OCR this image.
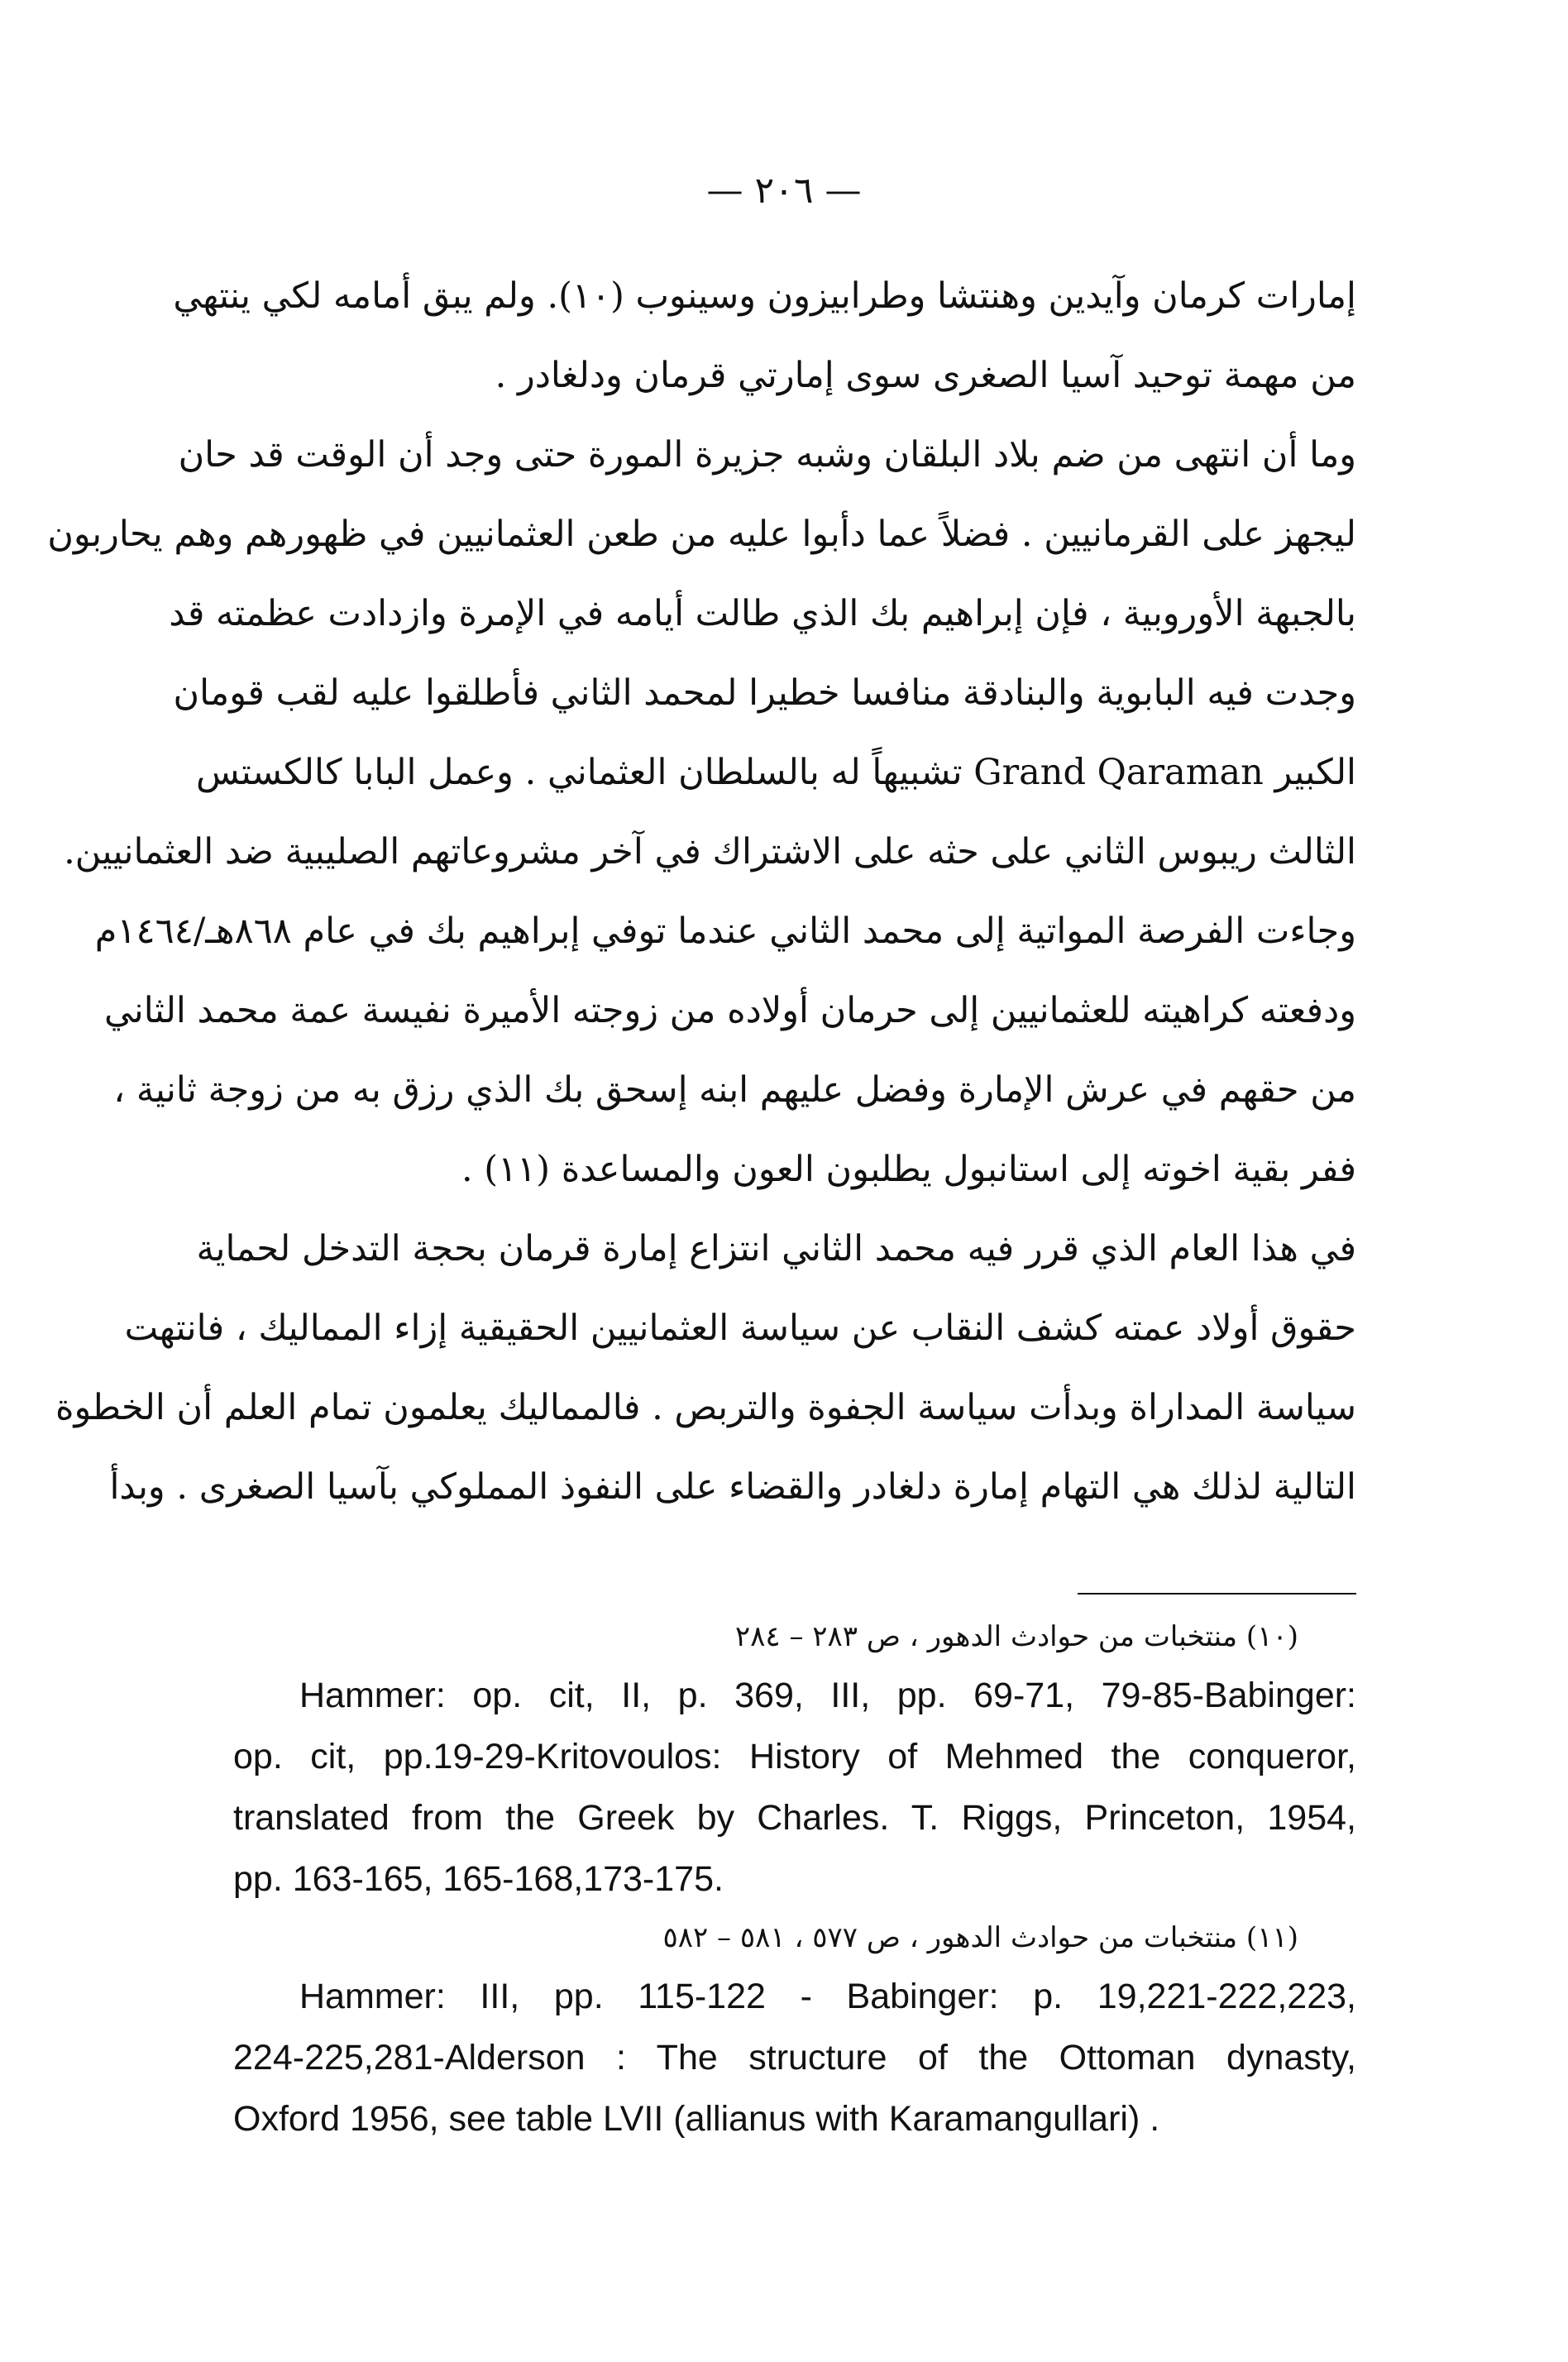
— ٢٠٦ —
إمارات كرمان وآيدين وهنتشا وطرابيزون وسينوب (١٠). ولم يبق أمامه لكي ينتهي
من مهمة توحيد آسيا الصغرى سوى إمارتي قرمان ودلغادر .
وما أن انتهى من ضم بلاد البلقان وشبه جزيرة المورة حتى وجد أن الوقت قد حان
ليجهز على القرمانيين . فضلاً عما دأبوا عليه من طعن العثمانيين في ظهورهم وهم يحاربون
بالجبهة الأوروبية ، فإن إبراهيم بك الذي طالت أيامه في الإمرة وازدادت عظمته قد
وجدت فيه البابوية والبنادقة منافسا خطيرا لمحمد الثاني فأطلقوا عليه لقب قومان
الكبير Grand Qaraman تشبيهاً له بالسلطان العثماني . وعمل البابا كالكستس
الثالث ريبوس الثاني على حثه على الاشتراك في آخر مشروعاتهم الصليبية ضد العثمانيين.
وجاءت الفرصة المواتية إلى محمد الثاني عندما توفي إبراهيم بك في عام ٨٦٨هـ/١٤٦٤م
ودفعته كراهيته للعثمانيين إلى حرمان أولاده من زوجته الأميرة نفيسة عمة محمد الثاني
من حقهم في عرش الإمارة وفضل عليهم ابنه إسحق بك الذي رزق به من زوجة ثانية ،
ففر بقية اخوته إلى استانبول يطلبون العون والمساعدة (١١) .
في هذا العام الذي قرر فيه محمد الثاني انتزاع إمارة قرمان بحجة التدخل لحماية
حقوق أولاد عمته كشف النقاب عن سياسة العثمانيين الحقيقية إزاء المماليك ، فانتهت
سياسة المداراة وبدأت سياسة الجفوة والتربص . فالمماليك يعلمون تمام العلم أن الخطوة
التالية لذلك هي التهام إمارة دلغادر والقضاء على النفوذ المملوكي بآسيا الصغرى . وبدأ
(١٠) منتخبات من حوادث الدهور ، ص ٢٨٣ – ٢٨٤
Hammer: op. cit, II, p. 369, III, pp. 69-71, 79-85-Babinger:
op. cit, pp.19-29-Kritovoulos: History of Mehmed the conqueror,
translated from the Greek by Charles. T. Riggs, Princeton, 1954,
pp. 163-165, 165-168,173-175.
(١١) منتخبات من حوادث الدهور ، ص ٥٧٧ ، ٥٨١ – ٥٨٢
Hammer: III, pp. 115-122 - Babinger: p. 19,221-222,223,
224-225,281-Alderson : The structure of the Ottoman dynasty,
Oxford 1956, see table LVII (allianus with Karamangullari) .
